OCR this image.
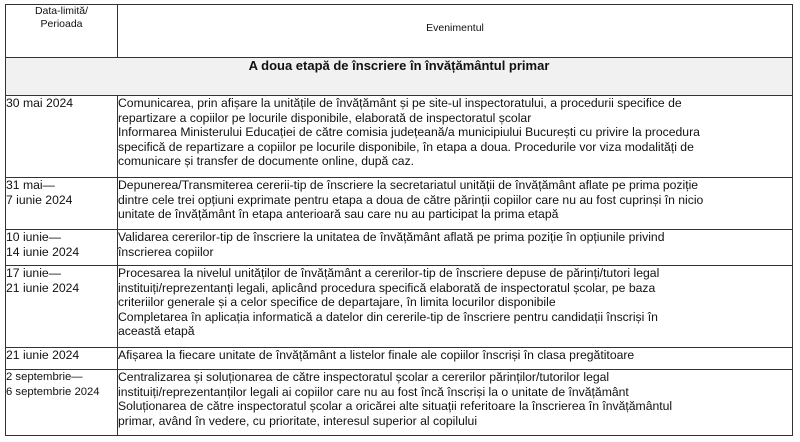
Data-limită/
Perioada	Evenimentul
A doua etapă de înscriere în învățământul primar	

30 mai 2024	Comunicarea, prin afișare la unitățile de învățământ și pe site-ul inspectoratului, a procedurii specifice de
repartizare a copiilor pe locurile disponibile, elaborată de inspectoratul școlar
Informarea Ministerului Educației de către comisia județeană/a municipiului București cu privire la procedura
specifică de repartizare a copiilor pe locurile disponibile, în etapa a doua. Procedurile vor viza modalități de
comunicare și transfer de documente online, după caz.

31 mai—
7 iunie 2024	Depunerea/Transmiterea cererii-tip de înscriere la secretariatul unității de învățământ aflate pe prima poziție
dintre cele trei opțiuni exprimate pentru etapa a doua de către părinții copiilor care nu au fost cuprinși în nicio
unitate de învățământ în etapa anterioară sau care nu au participat la prima etapă

10 iunie—
14 iunie 2024	Validarea cererilor-tip de înscriere la unitatea de învățământ aflată pe prima poziție în opțiunile privind
înscrierea copiilor

17 iunie—
21 iunie 2024	Procesarea la nivelul unităților de învățământ a cererilor-tip de înscriere depuse de părinți/tutori legal
instituiți/reprezentanți legali, aplicând procedura specifică elaborată de inspectoratul școlar, pe baza
criteriilor generale și a celor specifice de departajare, în limita locurilor disponibile
Completarea în aplicația informatică a datelor din cererile-tip de înscriere pentru candidații înscriși în
această etapă

21 iunie 2024	Afișarea la fiecare unitate de învățământ a listelor finale ale copiilor înscriși în clasa pregătitoare

2 septembrie—
6 septembrie 2024	Centralizarea și soluționarea de către inspectoratul școlar a cererilor părinților/tutorilor legal
instituiți/reprezentanților legali ai copiilor care nu au fost încă înscriși la o unitate de învățământ
Soluționarea de către inspectoratul școlar a oricărei alte situații referitoare la înscrierea în învățământul
primar, având în vedere, cu prioritate, interesul superior al copilului
